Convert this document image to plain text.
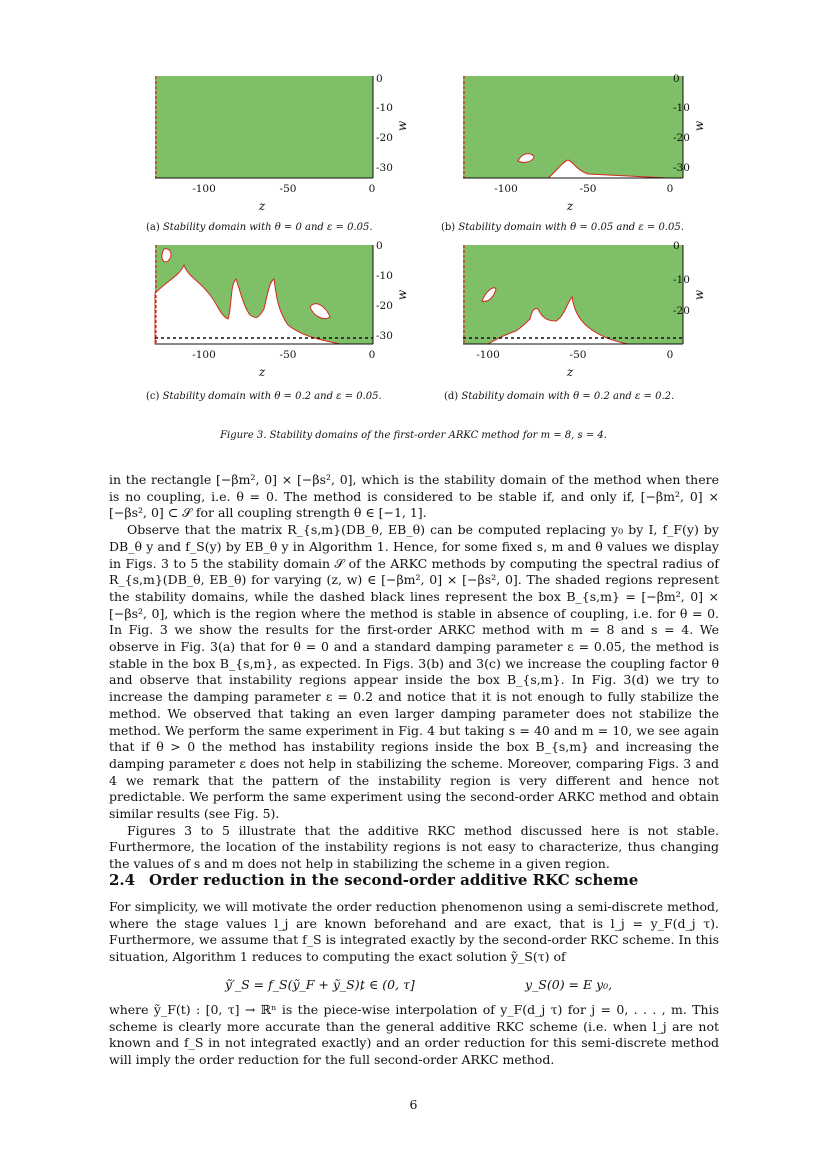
-100	-50	0
0
-10
-20
-30
z
w
(a) Stability domain with θ = 0 and ε = 0.05.
-100	-50	0
0
-10
-20
-30
z
w
(b) Stability domain with θ = 0.05 and ε = 0.05.
-100	-50	0
0
-10
-20
-30
z
w
(c) Stability domain with θ = 0.2 and ε = 0.05.
-100	-50	0
0
-10
-20
z
w
(d) Stability domain with θ = 0.2 and ε = 0.2.
Figure 3. Stability domains of the first-order ARKC method for m = 8, s = 4.

in the rectangle [−βm², 0] × [−βs², 0], which is the stability domain of the method when there is no coupling, i.e. θ = 0. The method is considered to be stable if, and only if, [−βm², 0] × [−βs², 0] ⊂ 𝒮 for all coupling strength θ ∈ [−1, 1].

Observe that the matrix R_{s,m}(DB_θ, EB_θ) can be computed replacing y₀ by I, f_F(y) by DB_θ y and f_S(y) by EB_θ y in Algorithm 1. Hence, for some fixed s, m and θ values we display in Figs. 3 to 5 the stability domain 𝒮 of the ARKC methods by computing the spectral radius of R_{s,m}(DB_θ, EB_θ) for varying (z, w) ∈ [−βm², 0] × [−βs², 0]. The shaded regions represent the stability domains, while the dashed black lines represent the box B_{s,m} = [−βm², 0] × [−βs², 0], which is the region where the method is stable in absence of coupling, i.e. for θ = 0. In Fig. 3 we show the results for the first-order ARKC method with m = 8 and s = 4. We observe in Fig. 3(a) that for θ = 0 and a standard damping parameter ε = 0.05, the method is stable in the box B_{s,m}, as expected. In Figs. 3(b) and 3(c) we increase the coupling factor θ and observe that instability regions appear inside the box B_{s,m}. In Fig. 3(d) we try to increase the damping parameter ε = 0.2 and notice that it is not enough to fully stabilize the method. We observed that taking an even larger damping parameter does not stabilize the method. We perform the same experiment in Fig. 4 but taking s = 40 and m = 10, we see again that if θ > 0 the method has instability regions inside the box B_{s,m} and increasing the damping parameter ε does not help in stabilizing the scheme. Moreover, comparing Figs. 3 and 4 we remark that the pattern of the instability region is very different and hence not predictable. We perform the same experiment using the second-order ARKC method and obtain similar results (see Fig. 5).

Figures 3 to 5 illustrate that the additive RKC method discussed here is not stable. Furthermore, the location of the instability regions is not easy to characterize, thus changing the values of s and m does not help in stabilizing the scheme in a given region.

2.4 Order reduction in the second-order additive RKC scheme

For simplicity, we will motivate the order reduction phenomenon using a semi-discrete method, where the stage values l_j are known beforehand and are exact, that is l_j = y_F(d_j τ). Furthermore, we assume that f_S is integrated exactly by the second-order RKC scheme. In this situation, Algorithm 1 reduces to computing the exact solution ỹ_S(τ) of

ỹ′_S = f_S(ỹ_F + ỹ_S),
t ∈ (0, τ]	y_S(0) = E y₀,

where ỹ_F(t) : [0, τ] → ℝⁿ is the piece-wise interpolation of y_F(d_j τ) for j = 0, . . . , m. This scheme is clearly more accurate than the general additive RKC scheme (i.e. when l_j are not known and f_S in not integrated exactly) and an order reduction for this semi-discrete method will imply the order reduction for the full second-order ARKC method.

6
